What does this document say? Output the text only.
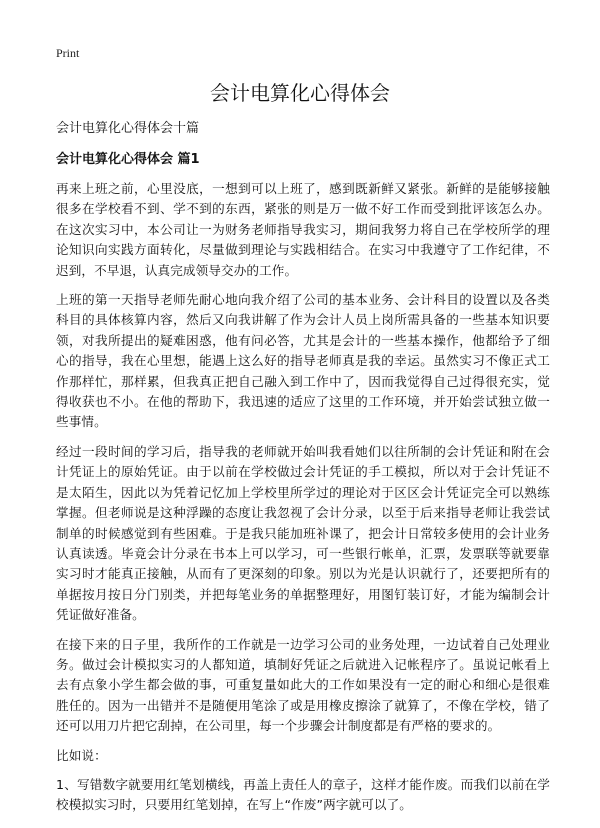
Print
会计电算化心得体会
会计电算化心得体会十篇
会计电算化心得体会 篇1

再来上班之前，心里没底，一想到可以上班了，感到既新鲜又紧张。新鲜的是能够接触很多在学校看不到、学不到的东西，紧张的则是万一做不好工作而受到批评该怎么办。在这次实习中，本公司让一为财务老师指导我实习，期间我努力将自己在学校所学的理论知识向实践方面转化，尽量做到理论与实践相结合。在实习中我遵守了工作纪律，不迟到，不早退，认真完成领导交办的工作。

上班的第一天指导老师先耐心地向我介绍了公司的基本业务、会计科目的设置以及各类科目的具体核算内容，然后又向我讲解了作为会计人员上岗所需具备的一些基本知识要领，对我所提出的疑难困惑，他有问必答，尤其是会计的一些基本操作，他都给予了细心的指导，我在心里想，能遇上这么好的指导老师真是我的幸运。虽然实习不像正式工作那样忙，那样累，但我真正把自己融入到工作中了，因而我觉得自己过得很充实，觉得收获也不小。在他的帮助下，我迅速的适应了这里的工作环境，并开始尝试独立做一些事情。

经过一段时间的学习后，指导我的老师就开始叫我看她们以往所制的会计凭证和附在会计凭证上的原始凭证。由于以前在学校做过会计凭证的手工模拟，所以对于会计凭证不是太陌生，因此以为凭着记忆加上学校里所学过的理论对于区区会计凭证完全可以熟练掌握。但老师说是这种浮躁的态度让我忽视了会计分录，以至于后来指导老师让我尝试制单的时候感觉到有些困难。于是我只能加班补课了，把会计日常较多使用的会计业务认真读透。毕竟会计分录在书本上可以学习，可一些银行帐单，汇票，发票联等就要靠实习时才能真正接触，从而有了更深刻的印象。别以为光是认识就行了，还要把所有的单据按月按日分门别类，并把每笔业务的单据整理好，用图钉装订好，才能为编制会计凭证做好准备。

在接下来的日子里，我所作的工作就是一边学习公司的业务处理，一边试着自己处理业务。做过会计模拟实习的人都知道，填制好凭证之后就进入记帐程序了。虽说记帐看上去有点象小学生都会做的事，可重复量如此大的工作如果没有一定的耐心和细心是很难胜任的。因为一出错并不是随便用笔涂了或是用橡皮擦涂了就算了，不像在学校，错了还可以用刀片把它刮掉，在公司里，每一个步骤会计制度都是有严格的要求的。

比如说：

1、写错数字就要用红笔划横线，再盖上责任人的章子，这样才能作废。而我们以前在学校模拟实习时，只要用红笔划掉，在写上“作废”两字就可以了。
